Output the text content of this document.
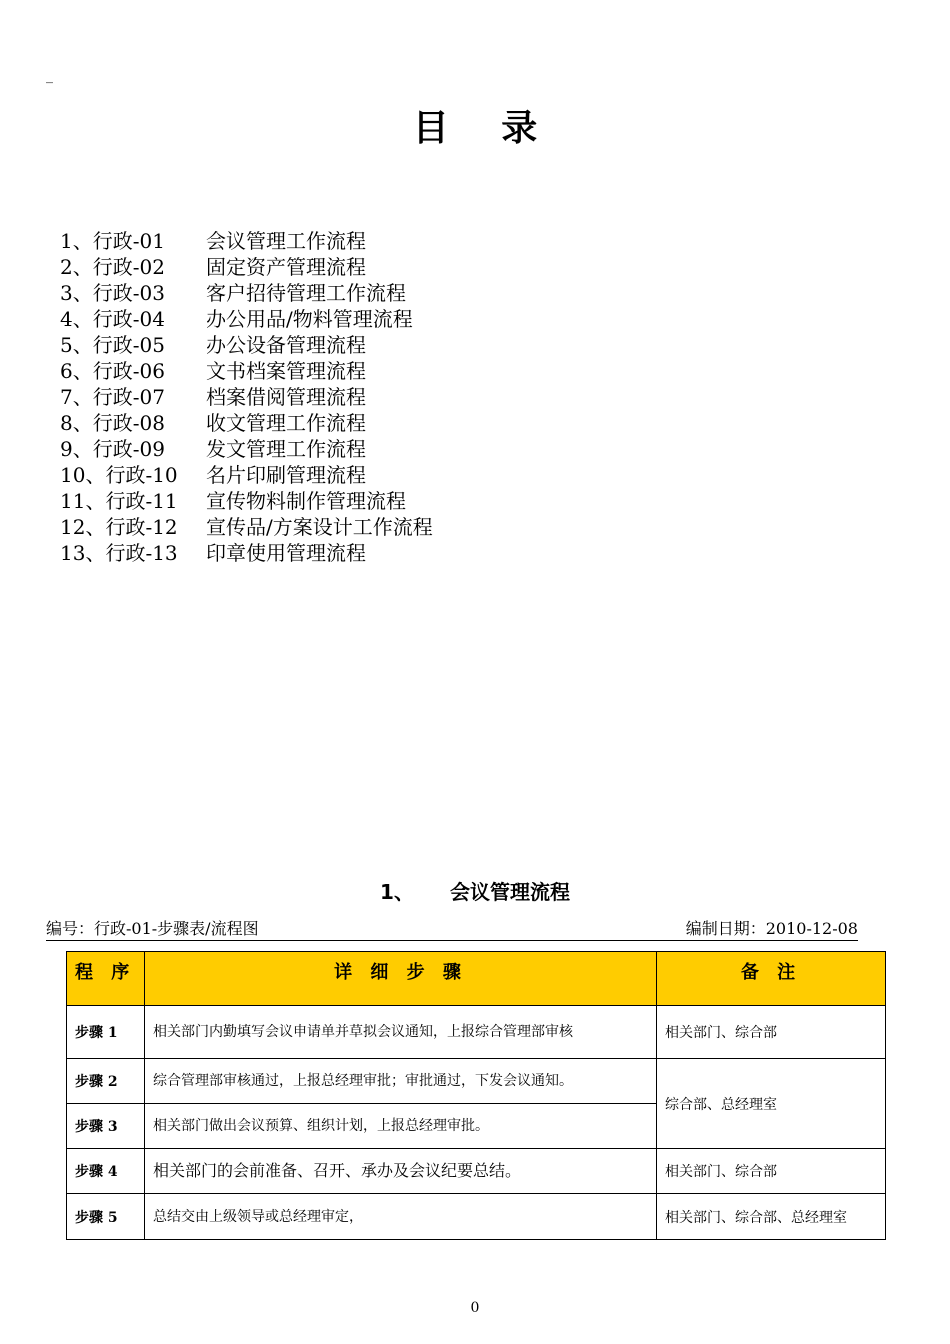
_
目 录
1、行政-01	会议管理工作流程
2、行政-02	固定资产管理流程
3、行政-03	客户招待管理工作流程
4、行政-04	办公用品/物料管理流程
5、行政-05	办公设备管理流程
6、行政-06	文书档案管理流程
7、行政-07	档案借阅管理流程
8、行政-08	收文管理工作流程
9、行政-09	发文管理工作流程
10、行政-10	名片印刷管理流程
11、行政-11	宣传物料制作管理流程
12、行政-12	宣传品/方案设计工作流程
13、行政-13	印章使用管理流程
1、 会议管理流程
编号：行政-01-步骤表/流程图	编制日期：2010-12-08
程 序	详 细 步 骤	备 注
步骤 1	相关部门内勤填写会议申请单并草拟会议通知，上报综合管理部审核	相关部门、综合部
步骤 2	综合管理部审核通过，上报总经理审批；审批通过，下发会议通知。	综合部、总经理室
步骤 3	相关部门做出会议预算、组织计划，上报总经理审批。	
步骤 4	相关部门的会前准备、召开、承办及会议纪要总结。	相关部门、综合部
步骤 5	总结交由上级领导或总经理审定，	相关部门、综合部、总经理室
0
